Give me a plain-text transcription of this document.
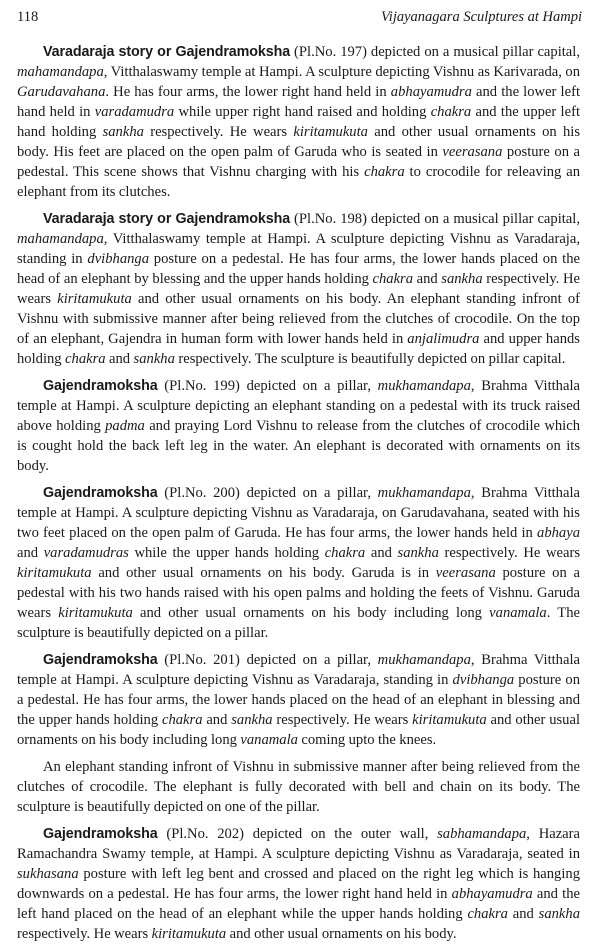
118	Vijayanagara Sculptures at Hampi

Varadaraja story or Gajendramoksha (Pl.No. 197) depicted on a musical pillar capital, mahamandapa, Vitthalaswamy temple at Hampi. A sculpture depicting Vishnu as Karivarada, on Garudavahana. He has four arms, the lower right hand held in abhayamudra and the lower left hand held in varadamudra while upper right hand raised and holding chakra and the upper left hand holding sankha respectively. He wears kiritamukuta and other usual ornaments on his body. His feet are placed on the open palm of Garuda who is seated in veerasana posture on a pedestal. This scene shows that Vishnu charging with his chakra to crocodile for releaving an elephant from its clutches.

Varadaraja story or Gajendramoksha (Pl.No. 198) depicted on a musical pillar capital, mahamandapa, Vitthalaswamy temple at Hampi. A sculpture depicting Vishnu as Varadaraja, standing in dvibhanga posture on a pedestal. He has four arms, the lower hands placed on the head of an elephant by blessing and the upper hands holding chakra and sankha respectively. He wears kiritamukuta and other usual ornaments on his body. An elephant standing infront of Vishnu with submissive manner after being relieved from the clutches of crocodile. On the top of an elephant, Gajendra in human form with lower hands held in anjalimudra and upper hands holding chakra and sankha respectively. The sculpture is beautifully depicted on pillar capital.

Gajendramoksha (Pl.No. 199) depicted on a pillar, mukhamandapa, Brahma Vitthala temple at Hampi. A sculpture depicting an elephant standing on a pedestal with its truck raised above holding padma and praying Lord Vishnu to release from the clutches of crocodile which is cought hold the back left leg in the water. An elephant is decorated with ornaments on its body.

Gajendramoksha (Pl.No. 200) depicted on a pillar, mukhamandapa, Brahma Vitthala temple at Hampi. A sculpture depicting Vishnu as Varadaraja, on Garudavahana, seated with his two feet placed on the open palm of Garuda. He has four arms, the lower hands held in abhaya and varadamudras while the upper hands holding chakra and sankha respectively. He wears kiritamukuta and other usual ornaments on his body. Garuda is in veerasana posture on a pedestal with his two hands raised with his open palms and holding the feets of Vishnu. Garuda wears kiritamukuta and other usual ornaments on his body including long vanamala. The sculpture is beautifully depicted on a pillar.

Gajendramoksha (Pl.No. 201) depicted on a pillar, mukhamandapa, Brahma Vitthala temple at Hampi. A sculpture depicting Vishnu as Varadaraja, standing in dvibhanga posture on a pedestal. He has four arms, the lower hands placed on the head of an elephant in blessing and the upper hands holding chakra and sankha respectively. He wears kiritamukuta and other usual ornaments on his body including long vanamala coming upto the knees.

An elephant standing infront of Vishnu in submissive manner after being relieved from the clutches of crocodile. The elephant is fully decorated with bell and chain on its body. The sculpture is beautifully depicted on one of the pillar.

Gajendramoksha (Pl.No. 202) depicted on the outer wall, sabhamandapa, Hazara Ramachandra Swamy temple, at Hampi. A sculpture depicting Vishnu as Varadaraja, seated in sukhasana posture with left leg bent and crossed and placed on the right leg which is hanging downwards on a pedestal. He has four arms, the lower right hand held in abhayamudra and the left hand placed on the head of an elephant while the upper hands holding chakra and sankha respectively. He wears kiritamukuta and other usual ornaments on his body.
